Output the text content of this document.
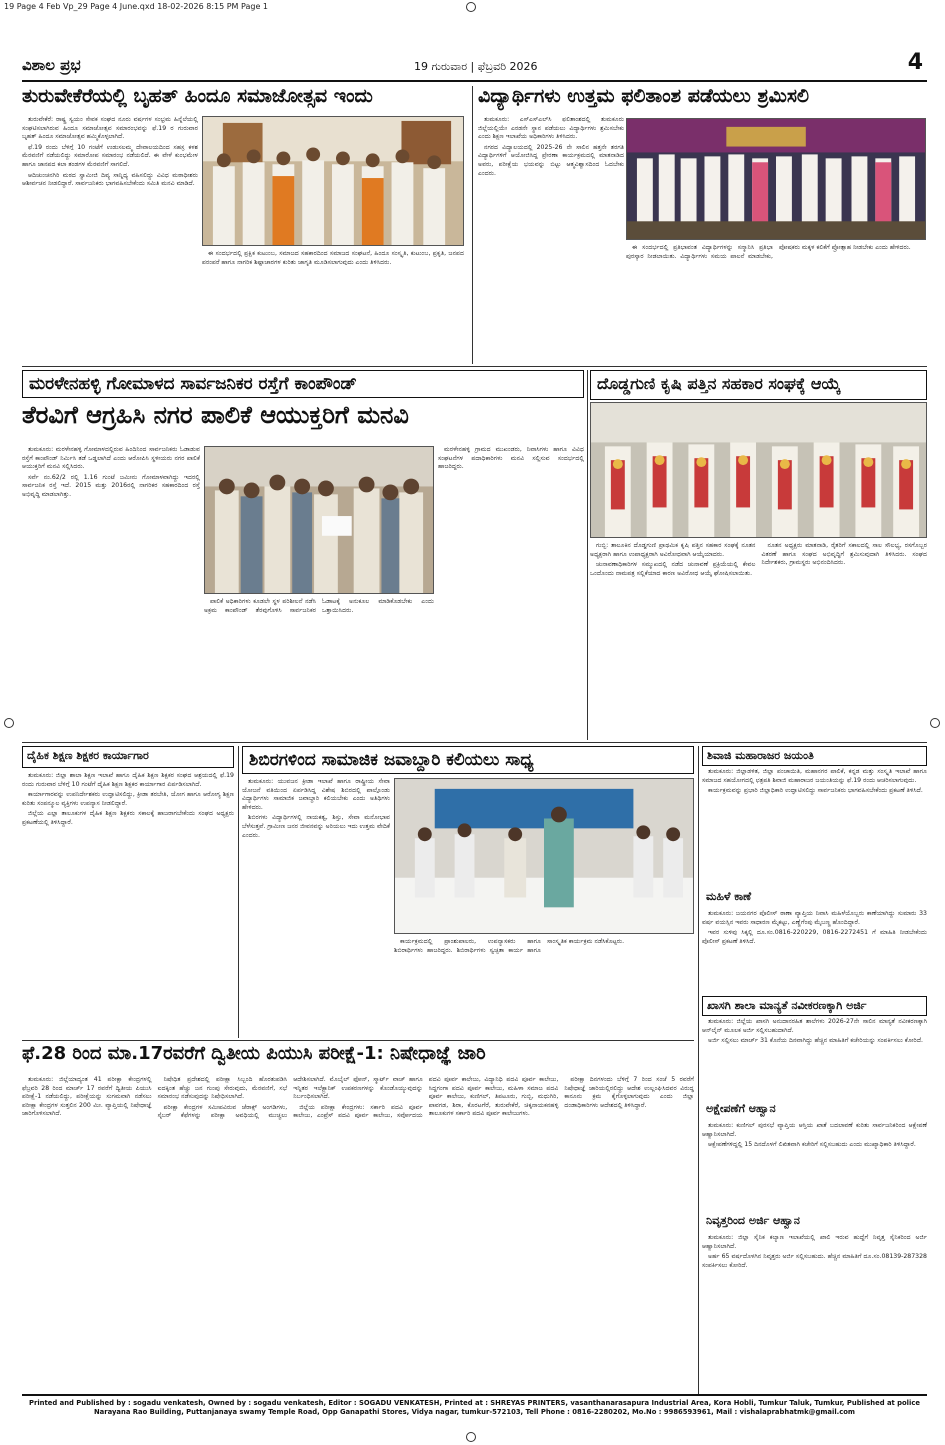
19 Page 4 Feb Vp_29 Page 4 June.qxd 18-02-2026 8:15 PM Page 1
ವಿಶಾಲ ಪ್ರಭ	19 ಗುರುವಾರ | ಫೆಬ್ರವರಿ 2026	4
ತುರುವೇಕೆರೆಯಲ್ಲಿ ಬೃಹತ್ ಹಿಂದೂ ಸಮಾಜೋತ್ಸವ ಇಂದು

ತುರುವೇಕೆರೆ: ರಾಷ್ಟ್ರ ಸ್ವಯಂ ಸೇವಕ ಸಂಘದ ನೂರು ವರ್ಷಗಳ ಸಂಭ್ರಮ ಹಿನ್ನೆಲೆಯಲ್ಲಿ ಸಂಘಟಿಸಲಾಗಿರುವ ಹಿಂದೂ ಸಮಾಜೋತ್ಸವ ಸಮಾರಂಭವನ್ನು ಫೆ.19 ರ ಗುರುವಾರ ಬೃಹತ್ ಹಿಂದೂ ಸಮಾಜೋತ್ಸವ ಹಮ್ಮಿಕೊಳ್ಳಲಾಗಿದೆ.

ಫೆ.19 ರಂದು ಬೆಳಿಗ್ಗೆ 10 ಗಂಟೆಗೆ ಉಡುಸಲಮ್ಮ ದೇವಾಲಯದಿಂದ ಸಹಸ್ರ ಕಳಶ ಮೆರವಣಿಗೆ ನಡೆಯಲಿದ್ದು ಸಮಾರೋಪ ಸಮಾರಂಭ ನಡೆಯಲಿದೆ. ಈ ವೇಳೆ ಕುಂಭಮೇಳ ಹಾಗೂ ಜಾನಪದ ಕಲಾ ತಂಡಗಳ ಮೆರವಣಿಗೆ ಸಾಗಲಿದೆ.

ಆದಿಚುಂಚನಗಿರಿ ಮಠದ ಸ್ವಾಮೀಜಿ ದಿವ್ಯ ಸಾನ್ನಿಧ್ಯ ವಹಿಸಲಿದ್ದು ವಿವಿಧ ಮಠಾಧೀಶರು ಆಶೀರ್ವಚನ ನೀಡಲಿದ್ದಾರೆ. ಸಾರ್ವಜನಿಕರು ಭಾಗವಹಿಸಬೇಕೆಂದು ಸಮಿತಿ ಮನವಿ ಮಾಡಿದೆ.

ಈ ಸಂದರ್ಭದಲ್ಲಿ ಪ್ರಕ್ಷಿಕ ಕುಟುಂಬ, ಸಮಾಜದ ಸಹಕಾರದಿಂದ ಸಮಾಜದ ಸಂಘಟನೆ, ಹಿಂದೂ ಸಂಸ್ಕೃತಿ, ಕುಟುಂಬ, ಪ್ರಕೃತಿ, ಜನಪದ ಪರಂಪರೆ ಹಾಗೂ ನಾಗರಿಕ ಶಿಷ್ಟಾಚಾರಗಳ ಕುರಿತು ಜಾಗೃತಿ ಮೂಡಿಸಲಾಗುವುದು ಎಂದು ತಿಳಿಸಿದರು.

ವಿದ್ಯಾರ್ಥಿಗಳು ಉತ್ತಮ ಫಲಿತಾಂಶ ಪಡೆಯಲು ಶ್ರಮಿಸಲಿ

ತುಮಕೂರು: ಎಸ್ಎಸ್ಎಲ್‌ಸಿ ಫಲಿತಾಂಶದಲ್ಲಿ ತುಮಕೂರು ಜಿಲ್ಲೆಯಲ್ಲಿಯೇ ಎರಡನೇ ಸ್ಥಾನ ಪಡೆಯಲು ವಿದ್ಯಾರ್ಥಿಗಳು ಶ್ರಮಿಸಬೇಕು ಎಂದು ಶಿಕ್ಷಣ ಇಲಾಖೆಯ ಅಧಿಕಾರಿಗಳು ತಿಳಿಸಿದರು.

ನಗರದ ವಿದ್ಯಾಲಯದಲ್ಲಿ 2025-26 ನೇ ಸಾಲಿನ ಹತ್ತನೇ ತರಗತಿ ವಿದ್ಯಾರ್ಥಿಗಳಿಗೆ ಆಯೋಜಿಸಿದ್ದ ಪ್ರೇರಣಾ ಕಾರ್ಯಕ್ರಮದಲ್ಲಿ ಮಾತನಾಡಿದ ಅವರು, ಪರೀಕ್ಷೆಯ ಭಯವನ್ನು ಬಿಟ್ಟು ಆತ್ಮವಿಶ್ವಾಸದಿಂದ ಓದಬೇಕು ಎಂದರು.

ಈ ಸಂದರ್ಭದಲ್ಲಿ ಪ್ರತಿಭಾವಂತ ವಿದ್ಯಾರ್ಥಿಗಳನ್ನು ಸನ್ಮಾನಿಸಿ ಪ್ರತಿಭಾ ಪುರಸ್ಕಾರ ನೀಡಲಾಯಿತು. ವಿದ್ಯಾರ್ಥಿಗಳು ಸಮಯ ಪಾಲನೆ ಮಾಡಬೇಕು, ಪೋಷಕರು ಮಕ್ಕಳ ಕಲಿಕೆಗೆ ಪ್ರೋತ್ಸಾಹ ನೀಡಬೇಕು ಎಂದು ಹೇಳಿದರು.

ಮರಳೇನಹಳ್ಳಿ ಗೋಮಾಳದ ಸಾರ್ವಜನಿಕರ ರಸ್ತೆಗೆ ಕಾಂಪೌಂಡ್
ತೆರವಿಗೆ ಆಗ್ರಹಿಸಿ ನಗರ ಪಾಲಿಕೆ ಆಯುಕ್ತರಿಗೆ ಮನವಿ

ತುಮಕೂರು: ಮರಳೇನಹಳ್ಳಿ ಗೋಮಾಳದಲ್ಲಿರುವ ಹಿಂದಿನಿಂದ ಸಾರ್ವಜನಿಕರು ಓಡಾಡುವ ರಸ್ತೆಗೆ ಕಾಂಪೌಂಡ್ ನಿರ್ಮಿಸಿ ತಡೆ ಒಡ್ಡಲಾಗಿದೆ ಎಂದು ಆರೋಪಿಸಿ ಸ್ಥಳೀಯರು ನಗರ ಪಾಲಿಕೆ ಆಯುಕ್ತರಿಗೆ ಮನವಿ ಸಲ್ಲಿಸಿದರು.

ಸರ್ವೆ ನಂ.62/2 ರಲ್ಲಿ 1.16 ಗುಂಟೆ ಜಮೀನು ಗೋಮಾಳವಾಗಿದ್ದು ಇದರಲ್ಲಿ ಸಾರ್ವಜನಿಕ ರಸ್ತೆ ಇದೆ. 2015 ಮತ್ತು 2016ರಲ್ಲಿ ನಾಗರಿಕರ ಸಹಕಾರದಿಂದ ರಸ್ತೆ ಅಭಿವೃದ್ಧಿ ಮಾಡಲಾಗಿತ್ತು.

ಪಾಲಿಕೆ ಅಧಿಕಾರಿಗಳು ಕೂಡಲೇ ಸ್ಥಳ ಪರಿಶೀಲನೆ ನಡೆಸಿ ಅಕ್ರಮ ಕಾಂಪೌಂಡ್ ತೆರವುಗೊಳಿಸಿ ಸಾರ್ವಜನಿಕರ ಓಡಾಟಕ್ಕೆ ಅನುಕೂಲ ಮಾಡಿಕೊಡಬೇಕು ಎಂದು ಒತ್ತಾಯಿಸಿದರು.

ಮರಳೇನಹಳ್ಳಿ ಗ್ರಾಮದ ಮುಖಂಡರು, ನಿವಾಸಿಗಳು ಹಾಗೂ ವಿವಿಧ ಸಂಘಟನೆಗಳ ಪದಾಧಿಕಾರಿಗಳು ಮನವಿ ಸಲ್ಲಿಸುವ ಸಂದರ್ಭದಲ್ಲಿ ಹಾಜರಿದ್ದರು.

ದೊಡ್ಡಗುಣಿ ಕೃಷಿ ಪತ್ತಿನ ಸಹಕಾರ ಸಂಘಕ್ಕೆ ಆಯ್ಕೆ

ಗುಬ್ಬಿ: ತಾಲೂಕಿನ ದೊಡ್ಡಗುಣಿ ಪ್ರಾಥಮಿಕ ಕೃಷಿ ಪತ್ತಿನ ಸಹಕಾರ ಸಂಘಕ್ಕೆ ನೂತನ ಅಧ್ಯಕ್ಷರಾಗಿ ಹಾಗೂ ಉಪಾಧ್ಯಕ್ಷರಾಗಿ ಅವಿರೋಧವಾಗಿ ಆಯ್ಕೆಯಾದರು.

ಚುನಾವಣಾಧಿಕಾರಿಗಳ ಸಮ್ಮುಖದಲ್ಲಿ ನಡೆದ ಚುನಾವಣೆ ಪ್ರಕ್ರಿಯೆಯಲ್ಲಿ ಕೇವಲ ಒಂದೊಂದು ನಾಮಪತ್ರ ಸಲ್ಲಿಕೆಯಾದ ಕಾರಣ ಅವಿರೋಧ ಆಯ್ಕೆ ಘೋಷಿಸಲಾಯಿತು.

ನೂತನ ಅಧ್ಯಕ್ಷರು ಮಾತನಾಡಿ, ರೈತರಿಗೆ ಸಕಾಲದಲ್ಲಿ ಸಾಲ ಸೌಲಭ್ಯ, ರಸಗೊಬ್ಬರ ವಿತರಣೆ ಹಾಗೂ ಸಂಘದ ಅಭಿವೃದ್ಧಿಗೆ ಶ್ರಮಿಸುವುದಾಗಿ ತಿಳಿಸಿದರು. ಸಂಘದ ನಿರ್ದೇಶಕರು, ಗ್ರಾಮಸ್ಥರು ಅಭಿನಂದಿಸಿದರು.

ದೈಹಿಕ ಶಿಕ್ಷಣ ಶಿಕ್ಷಕರ ಕಾರ್ಯಾಗಾರ

ತುಮಕೂರು: ಜಿಲ್ಲಾ ಶಾಲಾ ಶಿಕ್ಷಣ ಇಲಾಖೆ ಹಾಗೂ ದೈಹಿಕ ಶಿಕ್ಷಣ ಶಿಕ್ಷಕರ ಸಂಘದ ಆಶ್ರಯದಲ್ಲಿ ಫೆ.19 ರಂದು ಗುರುವಾರ ಬೆಳಿಗ್ಗೆ 10 ಗಂಟೆಗೆ ದೈಹಿಕ ಶಿಕ್ಷಣ ಶಿಕ್ಷಕರ ಕಾರ್ಯಾಗಾರ ಏರ್ಪಡಿಸಲಾಗಿದೆ.

ಕಾರ್ಯಾಗಾರವನ್ನು ಉಪನಿರ್ದೇಶಕರು ಉದ್ಘಾಟಿಸಲಿದ್ದು, ಕ್ರೀಡಾ ತರಬೇತಿ, ಯೋಗ ಹಾಗೂ ಆರೋಗ್ಯ ಶಿಕ್ಷಣ ಕುರಿತು ಸಂಪನ್ಮೂಲ ವ್ಯಕ್ತಿಗಳು ಉಪನ್ಯಾಸ ನೀಡಲಿದ್ದಾರೆ.

ಜಿಲ್ಲೆಯ ಎಲ್ಲಾ ತಾಲೂಕುಗಳ ದೈಹಿಕ ಶಿಕ್ಷಣ ಶಿಕ್ಷಕರು ಸಕಾಲಕ್ಕೆ ಹಾಜರಾಗಬೇಕೆಂದು ಸಂಘದ ಅಧ್ಯಕ್ಷರು ಪ್ರಕಟಣೆಯಲ್ಲಿ ತಿಳಿಸಿದ್ದಾರೆ.

ಶಿಬಿರಗಳಿಂದ ಸಾಮಾಜಿಕ ಜವಾಬ್ದಾರಿ ಕಲಿಯಲು ಸಾಧ್ಯ

ತುಮಕೂರು: ಯುವಜನ ಕ್ರೀಡಾ ಇಲಾಖೆ ಹಾಗೂ ರಾಷ್ಟ್ರೀಯ ಸೇವಾ ಯೋಜನೆ ವತಿಯಿಂದ ಏರ್ಪಡಿಸಿದ್ದ ವಿಶೇಷ ಶಿಬಿರದಲ್ಲಿ ಪಾಲ್ಗೊಂಡು ವಿದ್ಯಾರ್ಥಿಗಳು ಸಾಮಾಜಿಕ ಜವಾಬ್ದಾರಿ ಕಲಿಯಬೇಕು ಎಂದು ಅತಿಥಿಗಳು ಹೇಳಿದರು.

ಶಿಬಿರಗಳು ವಿದ್ಯಾರ್ಥಿಗಳಲ್ಲಿ ನಾಯಕತ್ವ, ಶಿಸ್ತು, ಸೇವಾ ಮನೋಭಾವ ಬೆಳೆಸುತ್ತವೆ. ಗ್ರಾಮೀಣ ಜನರ ಜೀವನವನ್ನು ಅರಿಯಲು ಇದು ಉತ್ತಮ ವೇದಿಕೆ ಎಂದರು.

ಕಾರ್ಯಕ್ರಮದಲ್ಲಿ ಪ್ರಾಂಶುಪಾಲರು, ಉಪನ್ಯಾಸಕರು ಹಾಗೂ ಶಿಬಿರಾರ್ಥಿಗಳು ಹಾಜರಿದ್ದರು. ಶಿಬಿರಾರ್ಥಿಗಳು ಸ್ವಚ್ಛತಾ ಕಾರ್ಯ ಹಾಗೂ ಸಾಂಸ್ಕೃತಿಕ ಕಾರ್ಯಕ್ರಮ ನಡೆಸಿಕೊಟ್ಟರು.

ಶಿವಾಜಿ ಮಹಾರಾಜರ ಜಯಂತಿ

ತುಮಕೂರು: ಜಿಲ್ಲಾಡಳಿತ, ಜಿಲ್ಲಾ ಪಂಚಾಯಿತಿ, ಮಹಾನಗರ ಪಾಲಿಕೆ, ಕನ್ನಡ ಮತ್ತು ಸಂಸ್ಕೃತಿ ಇಲಾಖೆ ಹಾಗೂ ಸಮಾಜದ ಸಹಯೋಗದಲ್ಲಿ ಛತ್ರಪತಿ ಶಿವಾಜಿ ಮಹಾರಾಜರ ಜಯಂತಿಯನ್ನು ಫೆ.19 ರಂದು ಆಚರಿಸಲಾಗುವುದು.

ಕಾರ್ಯಕ್ರಮವನ್ನು ಪ್ರಭಾರಿ ಜಿಲ್ಲಾಧಿಕಾರಿ ಉದ್ಘಾಟಿಸಲಿದ್ದು ಸಾರ್ವಜನಿಕರು ಭಾಗವಹಿಸಬೇಕೆಂದು ಪ್ರಕಟಣೆ ತಿಳಿಸಿದೆ.

ಮಹಿಳೆ ಕಾಣೆ

ತುಮಕೂರು: ಜಯನಗರ ಪೊಲೀಸ್ ಠಾಣಾ ವ್ಯಾಪ್ತಿಯ ನಿವಾಸಿ ಮಹಿಳೆಯೊಬ್ಬರು ಕಾಣೆಯಾಗಿದ್ದು ಸುಮಾರು 33 ವರ್ಷ ವಯಸ್ಸಿನ ಇವರು ಸಾಧಾರಣ ಮೈಕಟ್ಟು, ಎಣ್ಣೆಗೆಂಪು ಮೈಬಣ್ಣ ಹೊಂದಿದ್ದಾರೆ.

ಇವರ ಸುಳಿವು ಸಿಕ್ಕಲ್ಲಿ ದೂ.ಸಂ.0816-220229, 0816-2272451 ಗೆ ಮಾಹಿತಿ ನೀಡಬೇಕೆಂದು ಪೊಲೀಸ್ ಪ್ರಕಟಣೆ ತಿಳಿಸಿದೆ.

ಖಾಸಗಿ ಶಾಲಾ ಮಾನ್ಯತೆ ನವೀಕರಣಕ್ಕಾಗಿ ಅರ್ಜಿ

ತುಮಕೂರು: ಜಿಲ್ಲೆಯ ಖಾಸಗಿ ಅನುದಾನರಹಿತ ಶಾಲೆಗಳು 2026-27ನೇ ಸಾಲಿನ ಮಾನ್ಯತೆ ನವೀಕರಣಕ್ಕಾಗಿ ಆನ್‌ಲೈನ್ ಮೂಲಕ ಅರ್ಜಿ ಸಲ್ಲಿಸಬಹುದಾಗಿದೆ.

ಅರ್ಜಿ ಸಲ್ಲಿಸಲು ಮಾರ್ಚ್ 31 ಕೊನೆಯ ದಿನವಾಗಿದ್ದು ಹೆಚ್ಚಿನ ಮಾಹಿತಿಗೆ ಕಚೇರಿಯನ್ನು ಸಂಪರ್ಕಿಸಲು ಕೋರಿದೆ.

ಅಕ್ಷೇಪಣೆಗೆ ಆಹ್ವಾನ

ತುಮಕೂರು: ಕುಣಿಗಲ್ ಪುರಸಭೆ ವ್ಯಾಪ್ತಿಯ ಆಸ್ತಿಯ ಖಾತೆ ಬದಲಾವಣೆ ಕುರಿತು ಸಾರ್ವಜನಿಕರಿಂದ ಆಕ್ಷೇಪಣೆ ಆಹ್ವಾನಿಸಲಾಗಿದೆ.

ಆಕ್ಷೇಪಣೆಗಳಿದ್ದಲ್ಲಿ 15 ದಿನದೊಳಗೆ ಲಿಖಿತವಾಗಿ ಕಚೇರಿಗೆ ಸಲ್ಲಿಸಬಹುದು ಎಂದು ಮುಖ್ಯಾಧಿಕಾರಿ ತಿಳಿಸಿದ್ದಾರೆ.

ನಿವೃತ್ತರಿಂದ ಅರ್ಜಿ ಆಹ್ವಾನ

ತುಮಕೂರು: ಜಿಲ್ಲಾ ಸೈನಿಕ ಕಲ್ಯಾಣ ಇಲಾಖೆಯಲ್ಲಿ ಖಾಲಿ ಇರುವ ಹುದ್ದೆಗೆ ನಿವೃತ್ತ ಸೈನಿಕರಿಂದ ಅರ್ಜಿ ಆಹ್ವಾನಿಸಲಾಗಿದೆ.

ಅರ್ಹ 65 ವರ್ಷದೊಳಗಿನ ನಿವೃತ್ತರು ಅರ್ಜಿ ಸಲ್ಲಿಸಬಹುದು. ಹೆಚ್ಚಿನ ಮಾಹಿತಿಗೆ ದೂ.ಸಂ.08139-287328 ಸಂಪರ್ಕಿಸಲು ಕೋರಿದೆ.

ಫೆ.28 ರಿಂದ ಮಾ.17ರವರೆಗೆ ದ್ವಿತೀಯ ಪಿಯುಸಿ ಪರೀಕ್ಷೆ-1: ನಿಷೇಧಾಜ್ಞೆ ಜಾರಿ

ತುಮಕೂರು: ಜಿಲ್ಲೆಯಾದ್ಯಂತ 41 ಪರೀಕ್ಷಾ ಕೇಂದ್ರಗಳಲ್ಲಿ ಫೆಬ್ರವರಿ 28 ರಿಂದ ಮಾರ್ಚ್ 17 ರವರೆಗೆ ದ್ವಿತೀಯ ಪಿಯುಸಿ ಪರೀಕ್ಷೆ-1 ನಡೆಯಲಿದ್ದು, ಪರೀಕ್ಷೆಯನ್ನು ಸುಗಮವಾಗಿ ನಡೆಸಲು ಪರೀಕ್ಷಾ ಕೇಂದ್ರಗಳ ಸುತ್ತಲಿನ 200 ಮೀ. ವ್ಯಾಪ್ತಿಯಲ್ಲಿ ನಿಷೇಧಾಜ್ಞೆ ಜಾರಿಗೊಳಿಸಲಾಗಿದೆ.

ನಿಷೇಧಿತ ಪ್ರದೇಶದಲ್ಲಿ ಪರೀಕ್ಷಾ ಸಿಬ್ಬಂದಿ ಹೊರತುಪಡಿಸಿ ಐದಕ್ಕಿಂತ ಹೆಚ್ಚು ಜನ ಗುಂಪು ಸೇರುವುದು, ಮೆರವಣಿಗೆ, ಸಭೆ ಸಮಾರಂಭ ನಡೆಸುವುದನ್ನು ನಿಷೇಧಿಸಲಾಗಿದೆ.

ಪರೀಕ್ಷಾ ಕೇಂದ್ರಗಳ ಸಮೀಪವಿರುವ ಜೆರಾಕ್ಸ್ ಅಂಗಡಿಗಳು, ಸೈಬರ್ ಕೆಫೆಗಳನ್ನು ಪರೀಕ್ಷಾ ಅವಧಿಯಲ್ಲಿ ಮುಚ್ಚಲು ಆದೇಶಿಸಲಾಗಿದೆ. ಮೊಬೈಲ್ ಫೋನ್, ಸ್ಮಾರ್ಟ್ ವಾಚ್ ಹಾಗೂ ಇನ್ನಿತರ ಇಲೆಕ್ಟ್ರಾನಿಕ್ ಉಪಕರಣಗಳನ್ನು ಕೊಂಡೊಯ್ಯುವುದನ್ನು ನಿರ್ಬಂಧಿಸಲಾಗಿದೆ.

ಜಿಲ್ಲೆಯ ಪರೀಕ್ಷಾ ಕೇಂದ್ರಗಳು: ಸರ್ಕಾರಿ ಪದವಿ ಪೂರ್ವ ಕಾಲೇಜು, ಎಂಪ್ರೆಸ್ ಪದವಿ ಪೂರ್ವ ಕಾಲೇಜು, ಸರ್ವೋದಯ ಪದವಿ ಪೂರ್ವ ಕಾಲೇಜು, ವಿದ್ಯಾನಿಧಿ ಪದವಿ ಪೂರ್ವ ಕಾಲೇಜು, ಸಿದ್ದಗಂಗಾ ಪದವಿ ಪೂರ್ವ ಕಾಲೇಜು, ಮಹಿಳಾ ಸಮಾಜ ಪದವಿ ಪೂರ್ವ ಕಾಲೇಜು, ಕುಣಿಗಲ್, ತಿಪಟೂರು, ಗುಬ್ಬಿ, ಮಧುಗಿರಿ, ಪಾವಗಡ, ಶಿರಾ, ಕೊರಟಗೆರೆ, ತುರುವೇಕೆರೆ, ಚಿಕ್ಕನಾಯಕನಹಳ್ಳಿ ತಾಲೂಕುಗಳ ಸರ್ಕಾರಿ ಪದವಿ ಪೂರ್ವ ಕಾಲೇಜುಗಳು.

ಪರೀಕ್ಷಾ ದಿನಗಳಂದು ಬೆಳಿಗ್ಗೆ 7 ರಿಂದ ಸಂಜೆ 5 ರವರೆಗೆ ನಿಷೇಧಾಜ್ಞೆ ಜಾರಿಯಲ್ಲಿರಲಿದ್ದು ಆದೇಶ ಉಲ್ಲಂಘಿಸಿದವರ ವಿರುದ್ಧ ಕಾನೂನು ಕ್ರಮ ಕೈಗೊಳ್ಳಲಾಗುವುದು ಎಂದು ಜಿಲ್ಲಾ ದಂಡಾಧಿಕಾರಿಗಳು ಆದೇಶದಲ್ಲಿ ತಿಳಿಸಿದ್ದಾರೆ.

Printed and Published by : sogadu venkatesh, Owned by : sogadu venkatesh, Editor : SOGADU VENKATESH, Printed at : SHREYAS PRINTERS, vasanthanarasapura Industrial Area, Kora Hobli, Tumkur Taluk, Tumkur, Published at police
Narayana Rao Building, Puttanjanaya swamy Temple Road, Opp Ganapathi Stores, Vidya nagar, tumkur-572103, Tell Phone : 0816-2280202, Mo.No : 9986593961, Mail : vishalaprabhatmk@gmail.com
